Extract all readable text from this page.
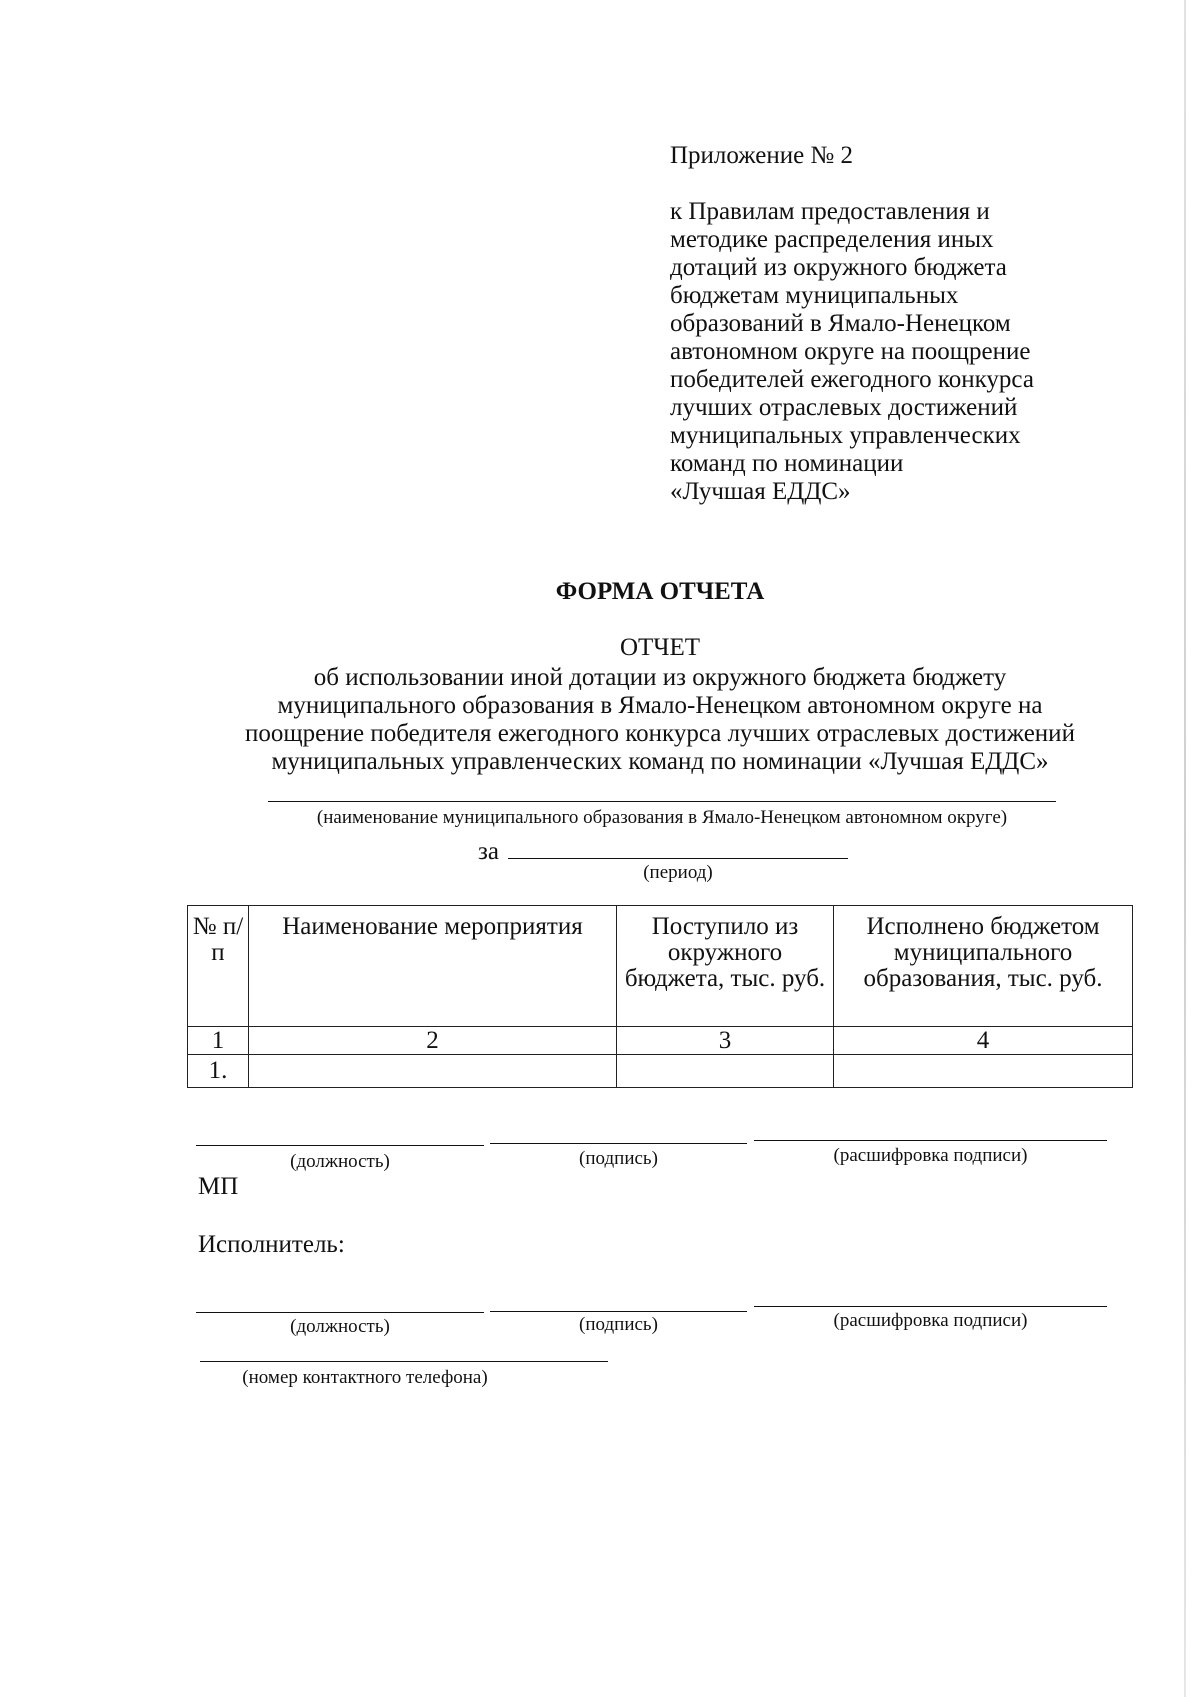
Приложение № 2
к Правилам предоставления и
методике распределения иных
дотаций из окружного бюджета
бюджетам муниципальных
образований в Ямало-Ненецком
автономном округе на поощрение
победителей ежегодного конкурса
лучших отраслевых достижений
муниципальных управленческих
команд по номинации
«Лучшая ЕДДС»
ФОРМА ОТЧЕТА
ОТЧЕТ
об использовании иной дотации из окружного бюджета бюджету
муниципального образования в Ямало-Ненецком автономном округе на
поощрение победителя ежегодного конкурса лучших отраслевых достижений
муниципальных управленческих команд по номинации «Лучшая ЕДДС»
(наименование муниципального образования в Ямало-Ненецком автономном округе)
за
(период)
№ п/п	Наименование мероприятия	Поступило из окружного бюджета, тыс. руб.	Исполнено бюджетом муниципального образования, тыс. руб.
1	2	3	4
1.			
(должность)	(подпись)	(расшифровка подписи)
МП
Исполнитель:
(должность)	(подпись)	(расшифровка подписи)
(номер контактного телефона)
